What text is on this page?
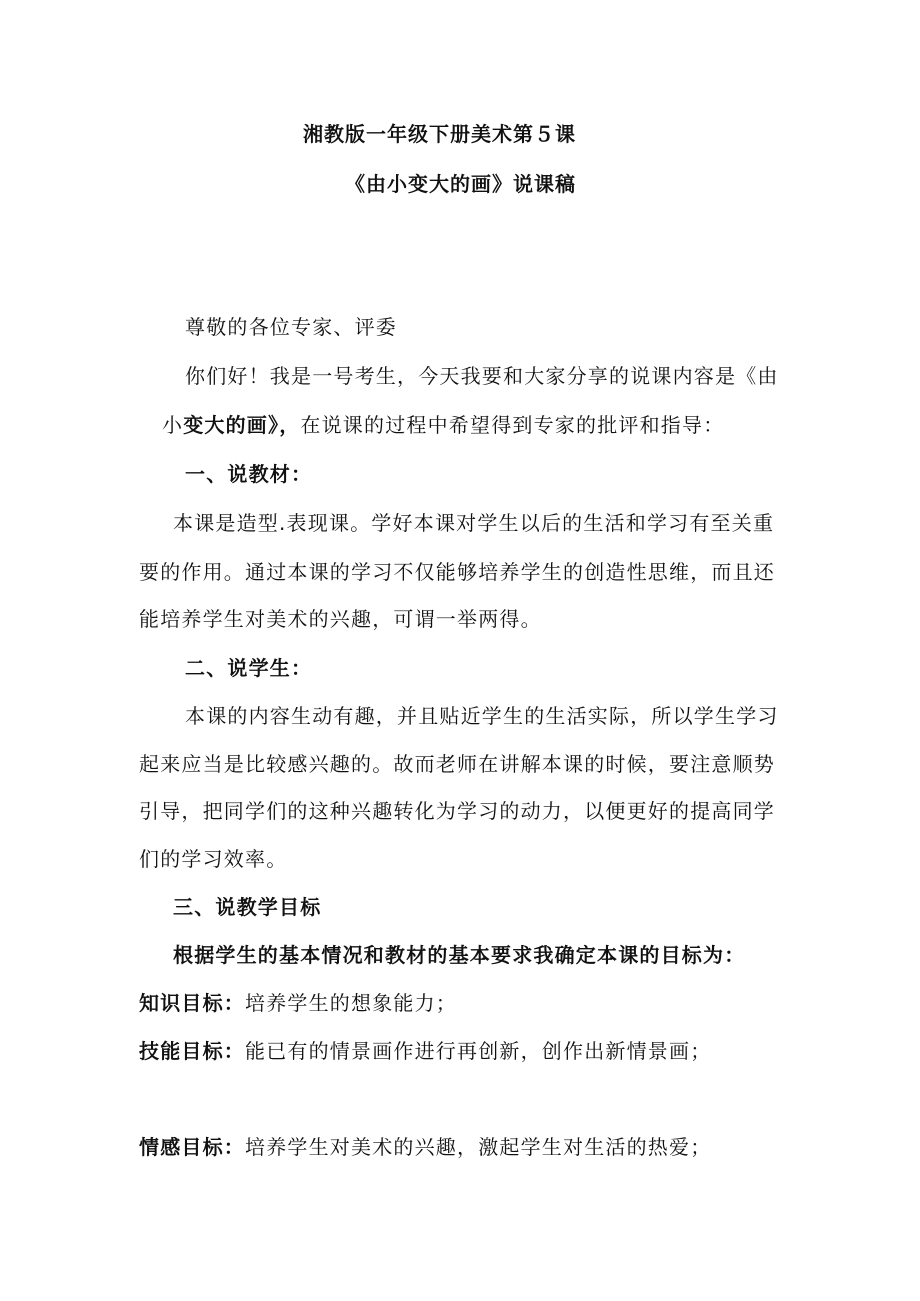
湘教版一年级下册美术第５课
《由小变大的画》说课稿
尊敬的各位专家、评委
你们好！我是一号考生，今天我要和大家分享的说课内容是《由
小变大的画》，在说课的过程中希望得到专家的批评和指导：
一、说教材：
本课是造型.表现课。学好本课对学生以后的生活和学习有至关重
要的作用。通过本课的学习不仅能够培养学生的创造性思维，而且还
能培养学生对美术的兴趣，可谓一举两得。
二、说学生：
本课的内容生动有趣，并且贴近学生的生活实际，所以学生学习
起来应当是比较感兴趣的。故而老师在讲解本课的时候，要注意顺势
引导，把同学们的这种兴趣转化为学习的动力，以便更好的提高同学
们的学习效率。
三、说教学目标
根据学生的基本情况和教材的基本要求我确定本课的目标为：
知识目标：培养学生的想象能力；
技能目标：能已有的情景画作进行再创新，创作出新情景画；
情感目标：培养学生对美术的兴趣，激起学生对生活的热爱；
